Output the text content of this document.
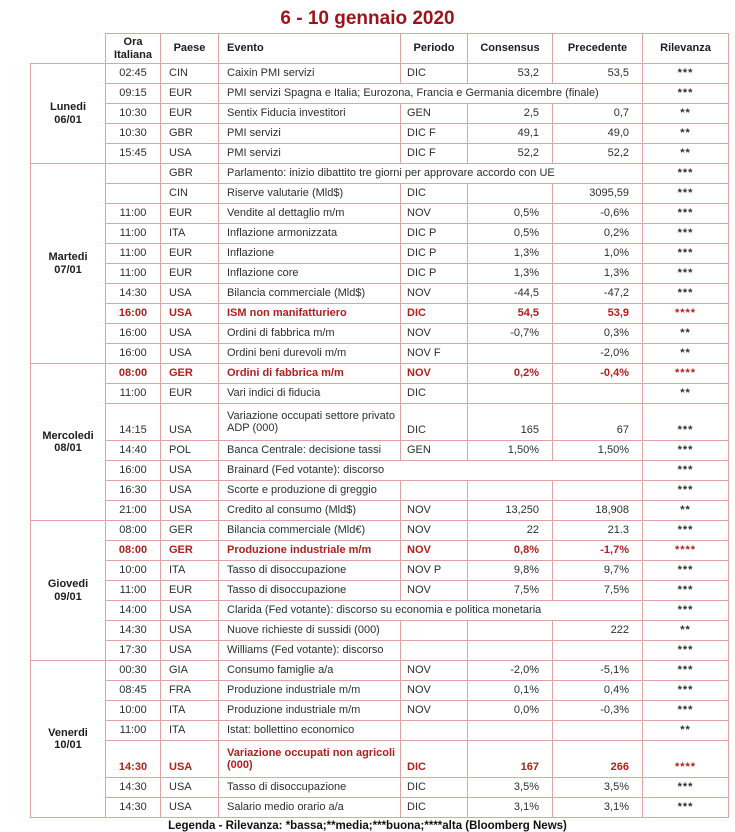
6 - 10 gennaio 2020
	Ora Italiana	Paese	Evento	Periodo	Consensus	Precedente	Rilevanza

Lunedi
06/01	02:45	CIN	Caixin PMI servizi	DIC	53,2	53,5	***
	09:15	EUR	PMI servizi Spagna e Italia; Eurozona, Francia e Germania dicembre (finale)				***
	10:30	EUR	Sentix Fiducia investitori	GEN	2,5	0,7	**
	10:30	GBR	PMI servizi	DIC F	49,1	49,0	**
	15:45	USA	PMI servizi	DIC F	52,2	52,2	**

Martedi
07/01		GBR	Parlamento: inizio dibattito tre giorni per approvare accordo con UE				***
		CIN	Riserve valutarie (Mld$)	DIC		3095,59	***
	11:00	EUR	Vendite al dettaglio m/m	NOV	0,5%	-0,6%	***
	11:00	ITA	Inflazione armonizzata	DIC P	0,5%	0,2%	***
	11:00	EUR	Inflazione	DIC P	1,3%	1,0%	***
	11:00	EUR	Inflazione core	DIC P	1,3%	1,3%	***
	14:30	USA	Bilancia commerciale (Mld$)	NOV	-44,5	-47,2	***
	16:00	USA	ISM non manifatturiero	DIC	54,5	53,9	****
	16:00	USA	Ordini di fabbrica m/m	NOV	-0,7%	0,3%	**
	16:00	USA	Ordini beni durevoli m/m	NOV F		-2,0%	**

Mercoledi
08/01	08:00	GER	Ordini di fabbrica m/m	NOV	0,2%	-0,4%	****
	11:00	EUR	Vari indici di fiducia	DIC			**
	14:15	USA	Variazione occupati settore privato ADP (000)	DIC	165	67	***
	14:40	POL	Banca Centrale: decisione tassi	GEN	1,50%	1,50%	***
	16:00	USA	Brainard (Fed votante): discorso				***
	16:30	USA	Scorte e produzione di greggio				***
	21:00	USA	Credito al consumo (Mld$)	NOV	13,250	18,908	**

Giovedi
09/01	08:00	GER	Bilancia commerciale (Mld€)	NOV	22	21.3	***
	08:00	GER	Produzione industriale m/m	NOV	0,8%	-1,7%	****
	10:00	ITA	Tasso di disoccupazione	NOV P	9,8%	9,7%	***
	11:00	EUR	Tasso di disoccupazione	NOV	7,5%	7,5%	***
	14:00	USA	Clarida (Fed votante): discorso su economia e politica monetaria				***
	14:30	USA	Nuove richieste di sussidi (000)			222	**
	17:30	USA	Williams (Fed votante): discorso				***

Venerdi
10/01	00:30	GIA	Consumo famiglie a/a	NOV	-2,0%	-5,1%	***
	08:45	FRA	Produzione industriale m/m	NOV	0,1%	0,4%	***
	10:00	ITA	Produzione industriale m/m	NOV	0,0%	-0,3%	***
	11:00	ITA	Istat: bollettino economico				**
	14:30	USA	Variazione occupati non agricoli (000)	DIC	167	266	****
	14:30	USA	Tasso di disoccupazione	DIC	3,5%	3,5%	***
	14:30	USA	Salario medio orario a/a	DIC	3,1%	3,1%	***
Legenda - Rilevanza: *bassa;**media;***buona;****alta (Bloomberg News)
